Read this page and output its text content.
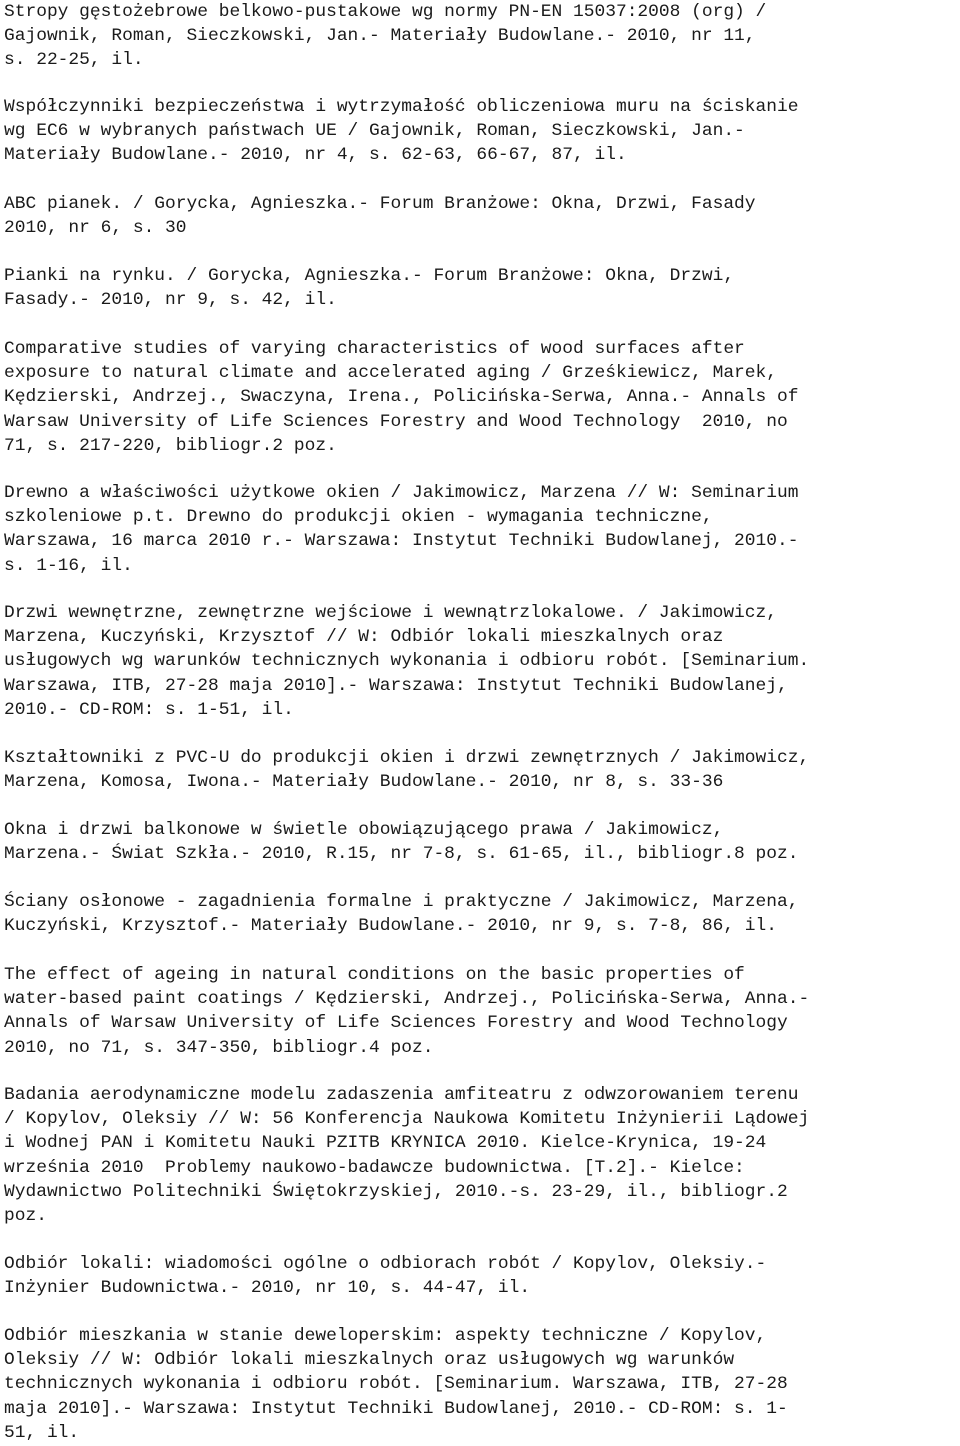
Stropy gęstożebrowe belkowo-pustakowe wg normy PN-EN 15037:2008 (org) /
Gajownik, Roman, Sieczkowski, Jan.- Materiały Budowlane.- 2010, nr 11,
s. 22-25, il.
Współczynniki bezpieczeństwa i wytrzymałość obliczeniowa muru na ściskanie
wg EC6 w wybranych państwach UE / Gajownik, Roman, Sieczkowski, Jan.-
Materiały Budowlane.- 2010, nr 4, s. 62-63, 66-67, 87, il.
ABC pianek. / Gorycka, Agnieszka.- Forum Branżowe: Okna, Drzwi, Fasady
2010, nr 6, s. 30
Pianki na rynku. / Gorycka, Agnieszka.- Forum Branżowe: Okna, Drzwi,
Fasady.- 2010, nr 9, s. 42, il.
Comparative studies of varying characteristics of wood surfaces after
exposure to natural climate and accelerated aging / Grześkiewicz, Marek,
Kędzierski, Andrzej., Swaczyna, Irena., Policińska-Serwa, Anna.- Annals of
Warsaw University of Life Sciences Forestry and Wood Technology  2010, no
71, s. 217-220, bibliogr.2 poz.
Drewno a właściwości użytkowe okien / Jakimowicz, Marzena // W: Seminarium
szkoleniowe p.t. Drewno do produkcji okien - wymagania techniczne,
Warszawa, 16 marca 2010 r.- Warszawa: Instytut Techniki Budowlanej, 2010.-
s. 1-16, il.
Drzwi wewnętrzne, zewnętrzne wejściowe i wewnątrzlokalowe. / Jakimowicz,
Marzena, Kuczyński, Krzysztof // W: Odbiór lokali mieszkalnych oraz
usługowych wg warunków technicznych wykonania i odbioru robót. [Seminarium.
Warszawa, ITB, 27-28 maja 2010].- Warszawa: Instytut Techniki Budowlanej,
2010.- CD-ROM: s. 1-51, il.
Kształtowniki z PVC-U do produkcji okien i drzwi zewnętrznych / Jakimowicz,
Marzena, Komosa, Iwona.- Materiały Budowlane.- 2010, nr 8, s. 33-36
Okna i drzwi balkonowe w świetle obowiązującego prawa / Jakimowicz,
Marzena.- Świat Szkła.- 2010, R.15, nr 7-8, s. 61-65, il., bibliogr.8 poz.
Ściany osłonowe - zagadnienia formalne i praktyczne / Jakimowicz, Marzena,
Kuczyński, Krzysztof.- Materiały Budowlane.- 2010, nr 9, s. 7-8, 86, il.
The effect of ageing in natural conditions on the basic properties of
water-based paint coatings / Kędzierski, Andrzej., Policińska-Serwa, Anna.-
Annals of Warsaw University of Life Sciences Forestry and Wood Technology
2010, no 71, s. 347-350, bibliogr.4 poz.
Badania aerodynamiczne modelu zadaszenia amfiteatru z odwzorowaniem terenu
/ Kopylov, Oleksiy // W: 56 Konferencja Naukowa Komitetu Inżynierii Lądowej
i Wodnej PAN i Komitetu Nauki PZITB KRYNICA 2010. Kielce-Krynica, 19-24
września 2010  Problemy naukowo-badawcze budownictwa. [T.2].- Kielce:
Wydawnictwo Politechniki Świętokrzyskiej, 2010.-s. 23-29, il., bibliogr.2
poz.
Odbiór lokali: wiadomości ogólne o odbiorach robót / Kopylov, Oleksiy.-
Inżynier Budownictwa.- 2010, nr 10, s. 44-47, il.
Odbiór mieszkania w stanie deweloperskim: aspekty techniczne / Kopylov,
Oleksiy // W: Odbiór lokali mieszkalnych oraz usługowych wg warunków
technicznych wykonania i odbioru robót. [Seminarium. Warszawa, ITB, 27-28
maja 2010].- Warszawa: Instytut Techniki Budowlanej, 2010.- CD-ROM: s. 1-
51, il.
